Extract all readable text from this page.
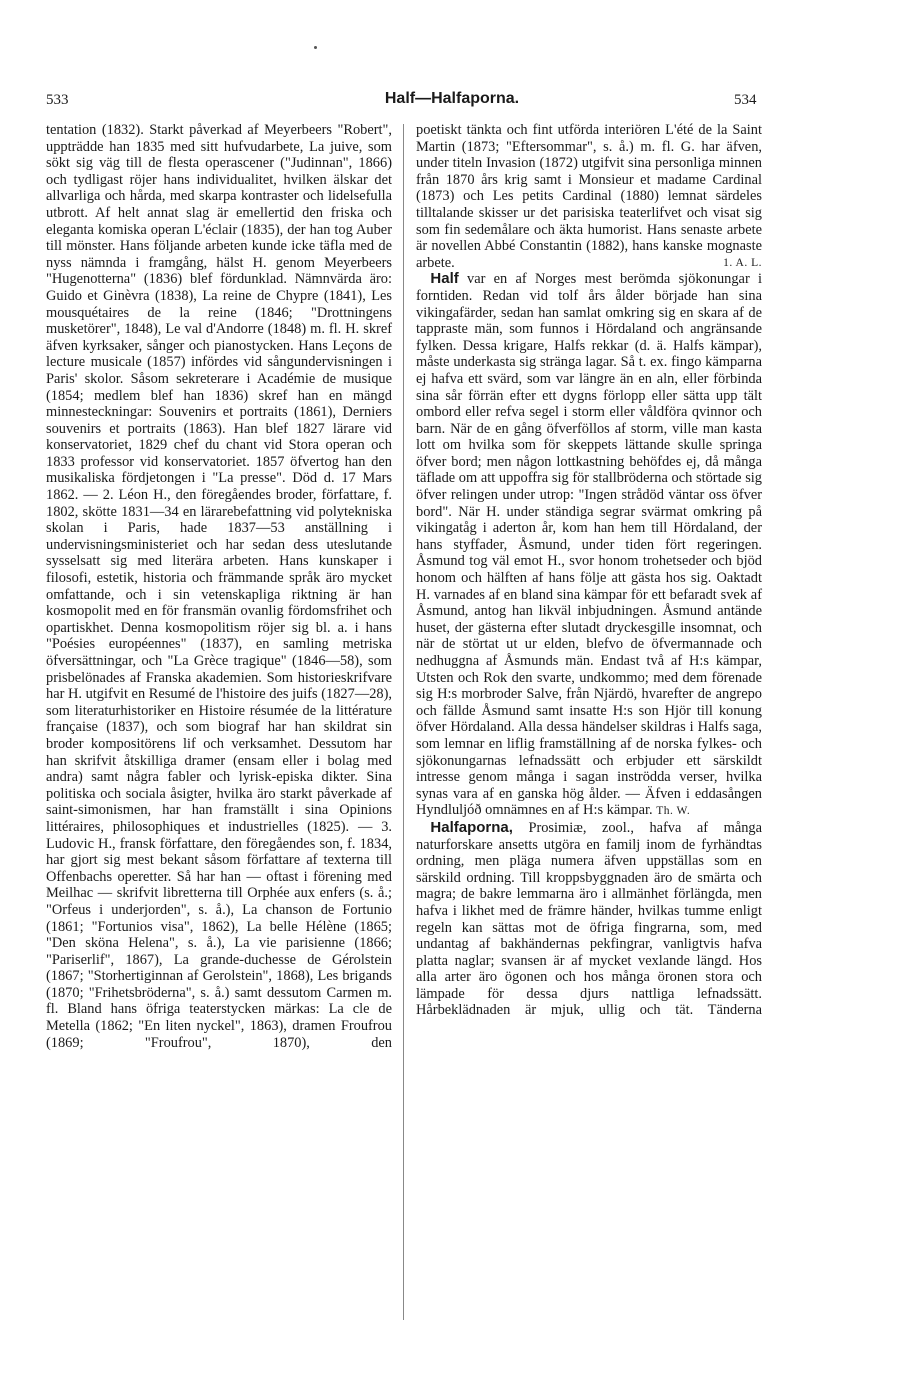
533	Half—Halfaporna.	534

tentation (1832). Starkt påverkad af Meyerbeers "Robert", uppträdde han 1835 med sitt hufvudarbete, La juive, som sökt sig väg till de flesta operascener ("Judinnan", 1866) och tydligast röjer hans individualitet, hvilken älskar det allvarliga och hårda, med skarpa kontraster och lidelsefulla utbrott. Af helt annat slag är emellertid den friska och eleganta komiska operan L'éclair (1835), der han tog Auber till mönster. Hans följande arbeten kunde icke täfla med de nyss nämnda i framgång, hälst H. genom Meyerbeers "Hugenotterna" (1836) blef fördunklad. Nämnvärda äro: Guido et Ginèvra (1838), La reine de Chypre (1841), Les mousquétaires de la reine (1846; "Drottningens musketörer", 1848), Le val d'Andorre (1848) m. fl. H. skref äfven kyrksaker, sånger och pianostycken. Hans Leçons de lecture musicale (1857) infördes vid sångundervisningen i Paris' skolor. Såsom sekreterare i Académie de musique (1854; medlem blef han 1836) skref han en mängd minnesteckningar: Souvenirs et portraits (1861), Derniers souvenirs et portraits (1863). Han blef 1827 lärare vid konservatoriet, 1829 chef du chant vid Stora operan och 1833 professor vid konservatoriet. 1857 öfvertog han den musikaliska fördjetongen i "La presse". Död d. 17 Mars 1862. — 2. Léon H., den föregåendes broder, författare, f. 1802, skötte 1831—34 en lärarebefattning vid polytekniska skolan i Paris, hade 1837—53 anställning i undervisningsministeriet och har sedan dess uteslutande sysselsatt sig med literära arbeten. Hans kunskaper i filosofi, estetik, historia och främmande språk äro mycket omfattande, och i sin vetenskapliga riktning är han kosmopolit med en för fransmän ovanlig fördomsfrihet och opartiskhet. Denna kosmopolitism röjer sig bl. a. i hans "Poésies européennes" (1837), en samling metriska öfversättningar, och "La Grèce tragique" (1846—58), som prisbelönades af Franska akademien. Som historieskrifvare har H. utgifvit en Resumé de l'histoire des juifs (1827—28), som literaturhistoriker en Histoire résumée de la littérature française (1837), och som biograf har han skildrat sin broder kompositörens lif och verksamhet. Dessutom har han skrifvit åtskilliga dramer (ensam eller i bolag med andra) samt några fabler och lyrisk-episka dikter. Sina politiska och sociala åsigter, hvilka äro starkt påverkade af saint-simonismen, har han framställt i sina Opinions littéraires, philosophiques et industrielles (1825). — 3. Ludovic H., fransk författare, den föregåendes son, f. 1834, har gjort sig mest bekant såsom författare af texterna till Offenbachs operetter. Så har han — oftast i förening med Meilhac — skrifvit libretterna till Orphée aux enfers (s. å.; "Orfeus i underjorden", s. å.), La chanson de Fortunio (1861; "Fortunios visa", 1862), La belle Hélène (1865; "Den sköna Helena", s. å.), La vie parisienne (1866; "Pariserlif", 1867), La grande-duchesse de Gérolstein (1867; "Storhertiginnan af Gerolstein", 1868), Les brigands (1870; "Frihetsbröderna", s. å.) samt dessutom Carmen m. fl. Bland hans öfriga teaterstycken märkas: La cle de Metella (1862; "En liten nyckel", 1863), dramen Froufrou (1869; "Froufrou", 1870), den

poetiskt tänkta och fint utförda interiören L'été de la Saint Martin (1873; "Eftersommar", s. å.) m. fl. G. har äfven, under titeln Invasion (1872) utgifvit sina personliga minnen från 1870 års krig samt i Monsieur et madame Cardinal (1873) och Les petits Cardinal (1880) lemnat särdeles tilltalande skisser ur det parisiska teaterlifvet och visat sig som fin sedemålare och äkta humorist. Hans senaste arbete är novellen Abbé Constantin (1882), hans kanske mognaste arbete.	1. A. L.

Half var en af Norges mest berömda sjökonungar i forntiden. Redan vid tolf års ålder började han sina vikingafärder, sedan han samlat omkring sig en skara af de tappraste män, som funnos i Hördaland och angränsande fylken. Dessa krigare, Halfs rekkar (d. ä. Halfs kämpar), måste underkasta sig stränga lagar. Så t. ex. fingo kämparna ej hafva ett svärd, som var längre än en aln, eller förbinda sina sår förrän efter ett dygns förlopp eller sätta upp tält ombord eller refva segel i storm eller våldföra qvinnor och barn. När de en gång öfverföllos af storm, ville man kasta lott om hvilka som för skeppets lättande skulle springa öfver bord; men någon lottkastning behöfdes ej, då många täflade om att uppoffra sig för stallbröderna och störtade sig öfver relingen under utrop: "Ingen strådöd väntar oss öfver bord". När H. under ständiga segrar svärmat omkring på vikingatåg i aderton år, kom han hem till Hördaland, der hans styffader, Åsmund, under tiden fört regeringen. Åsmund tog väl emot H., svor honom trohetseder och bjöd honom och hälften af hans följe att gästa hos sig. Oaktadt H. varnades af en bland sina kämpar för ett befaradt svek af Åsmund, antog han likväl inbjudningen. Åsmund antände huset, der gästerna efter slutadt dryckesgille insomnat, och när de störtat ut ur elden, blefvo de öfvermannade och nedhuggna af Åsmunds män. Endast två af H:s kämpar, Utsten och Rok den svarte, undkommo; med dem förenade sig H:s morbroder Salve, från Njärdö, hvarefter de angrepo och fällde Åsmund samt insatte H:s son Hjör till konung öfver Hördaland. Alla dessa händelser skildras i Halfs saga, som lemnar en liflig framställning af de norska fylkes- och sjökonungarnas lefnadssätt och erbjuder ett särskildt intresse genom många i sagan inströdda verser, hvilka synas vara af en ganska hög ålder. — Äfven i eddasången Hyndluljóð omnämnes en af H:s kämpar. Th. W.

Halfaporna, Prosimiæ, zool., hafva af många naturforskare ansetts utgöra en familj inom de fyrhändtas ordning, men pläga numera äfven uppställas som en särskild ordning. Till kroppsbyggnaden äro de smärta och magra; de bakre lemmarna äro i allmänhet förlängda, men hafva i likhet med de främre händer, hvilkas tumme enligt regeln kan sättas mot de öfriga fingrarna, som, med undantag af bakhändernas pekfingrar, vanligtvis hafva platta naglar; svansen är af mycket vexlande längd. Hos alla arter äro ögonen och hos många öronen stora och lämpade för dessa djurs nattliga lefnadssätt. Hårbeklädnaden är mjuk, ullig och tät. Tänderna
